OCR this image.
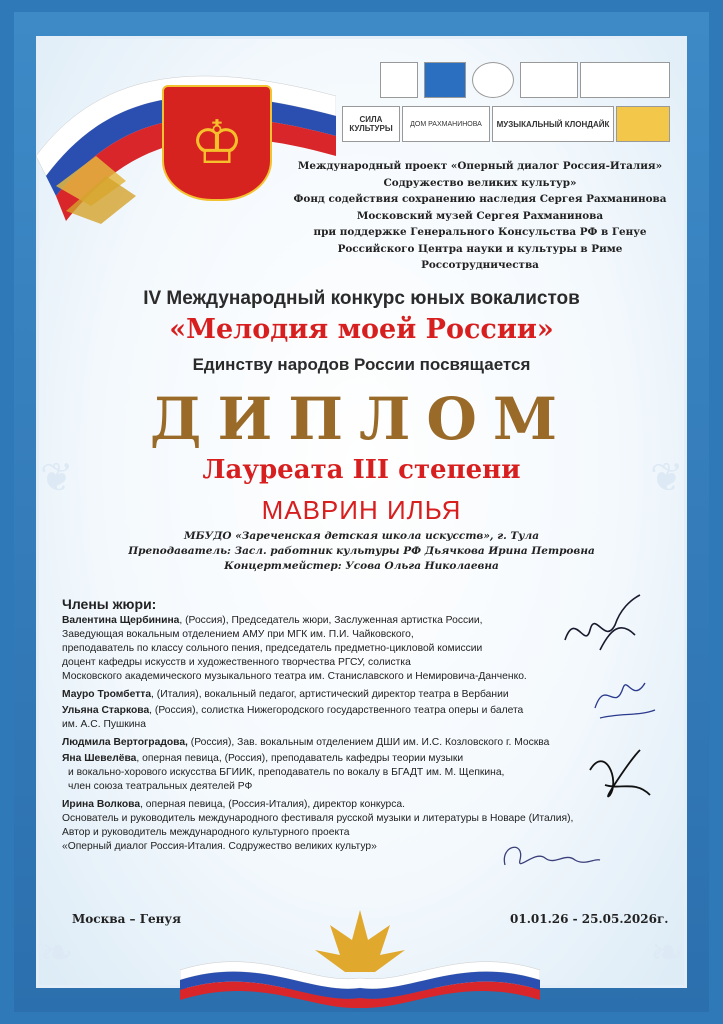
❦	❦
❧	❧
♔	СИЛА КУЛЬТУРЫ	ДОМ РАХМАНИНОВА	МУЗЫКАЛЬНЫЙ КЛОНДАЙК
Международный проект «Оперный диалог Россия-Италия»
Содружество великих культур»
Фонд содействия сохранению наследия Сергея Рахманинова
Московский музей Сергея Рахманинова
при поддержке Генерального Консульства РФ в Генуе
Российского Центра науки и культуры в Риме
Россотрудничества
IV Международный конкурс юных вокалистов
«Мелодия моей России»
Единству народов России посвящается
ДИПЛОМ
Лауреата III степени
МАВРИН ИЛЬЯ
МБУДО «Зареченская детская школа искусств», г. Тула
Преподаватель: Засл. работник культуры РФ Дьячкова Ирина Петровна
Концертмейстер: Усова Ольга Николаевна
Члены жюри:
Валентина Щербинина, (Россия), Председатель жюри, Заслуженная артистка России,
Заведующая вокальным отделением АМУ при МГК им. П.И. Чайковского,
преподаватель по классу сольного пения, председатель предметно-цикловой комиссии
доцент кафедры искусств и художественного творчества РГСУ, солистка
Московского академического музыкального театра им. Станиславского и Немировича-Данченко.
Мауро Тромбетта, (Италия), вокальный педагог, артистический директор театра в Вербании
Ульяна Старкова, (Россия), солистка Нижегородского государственного театра оперы и балета
им. А.С. Пушкина
Людмила Вертоградова, (Россия), Зав. вокальным отделением ДШИ им. И.С. Козловского г. Москва
Яна Шевелёва, оперная певица, (Россия), преподаватель кафедры теории музыки
и вокально-хорового искусства БГИИК, преподаватель по вокалу в БГАДТ им. М. Щепкина,
член союза театральных деятелей РФ
Ирина Волкова, оперная певица, (Россия-Италия), директор конкурса.
Основатель и руководитель международного фестиваля русской музыки и литературы в Новаре (Италия),
Автор и руководитель международного культурного проекта
«Оперный диалог Россия-Италия. Содружество великих культур»
Москва – Генуя	01.01.26 - 25.05.2026г.
